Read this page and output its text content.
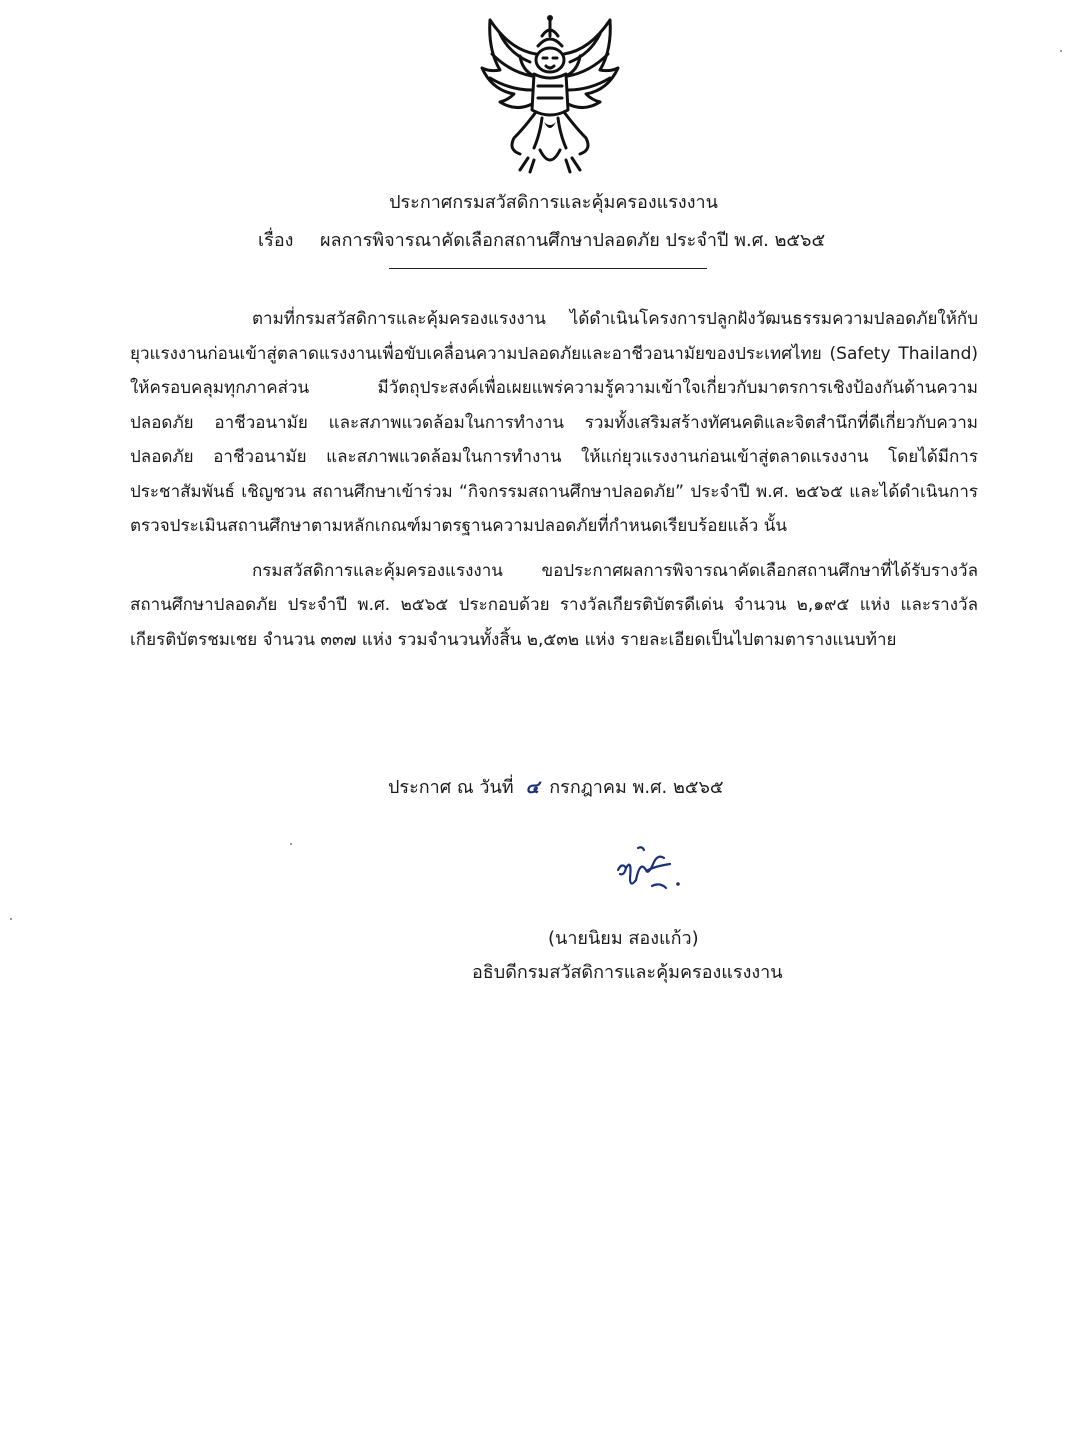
ประกาศกรมสวัสดิการและคุ้มครองแรงงาน
เรื่อง ผลการพิจารณาคัดเลือกสถานศึกษาปลอดภัย ประจำปี พ.ศ. ๒๕๖๕

ตามที่กรมสวัสดิการและคุ้มครองแรงงาน ได้ดำเนินโครงการปลูกฝังวัฒนธรรมความปลอดภัยให้กับยุวแรงงานก่อนเข้าสู่ตลาดแรงงานเพื่อขับเคลื่อนความปลอดภัยและอาชีวอนามัยของประเทศไทย (Safety Thailand) ให้ครอบคลุมทุกภาคส่วน มีวัตถุประสงค์เพื่อเผยแพร่ความรู้ความเข้าใจเกี่ยวกับมาตรการเชิงป้องกันด้านความปลอดภัย อาชีวอนามัย และสภาพแวดล้อมในการทำงาน รวมทั้งเสริมสร้างทัศนคติและจิตสำนึกที่ดีเกี่ยวกับความปลอดภัย อาชีวอนามัย และสภาพแวดล้อมในการทำงาน ให้แก่ยุวแรงงานก่อนเข้าสู่ตลาดแรงงาน โดยได้มีการประชาสัมพันธ์ เชิญชวน สถานศึกษาเข้าร่วม “กิจกรรมสถานศึกษาปลอดภัย” ประจำปี พ.ศ. ๒๕๖๕ และได้ดำเนินการตรวจประเมินสถานศึกษาตามหลักเกณฑ์มาตรฐานความปลอดภัยที่กำหนดเรียบร้อยแล้ว นั้น

กรมสวัสดิการและคุ้มครองแรงงาน ขอประกาศผลการพิจารณาคัดเลือกสถานศึกษาที่ได้รับรางวัลสถานศึกษาปลอดภัย ประจำปี พ.ศ. ๒๕๖๕ ประกอบด้วย รางวัลเกียรติบัตรดีเด่น จำนวน ๒,๑๙๕ แห่ง และรางวัลเกียรติบัตรชมเชย จำนวน ๓๓๗ แห่ง รวมจำนวนทั้งสิ้น ๒,๕๓๒ แห่ง รายละเอียดเป็นไปตามตารางแนบท้าย

ประกาศ ณ วันที่ ๔ กรกฎาคม พ.ศ. ๒๕๖๕
(นายนิยม สองแก้ว)
อธิบดีกรมสวัสดิการและคุ้มครองแรงงาน
